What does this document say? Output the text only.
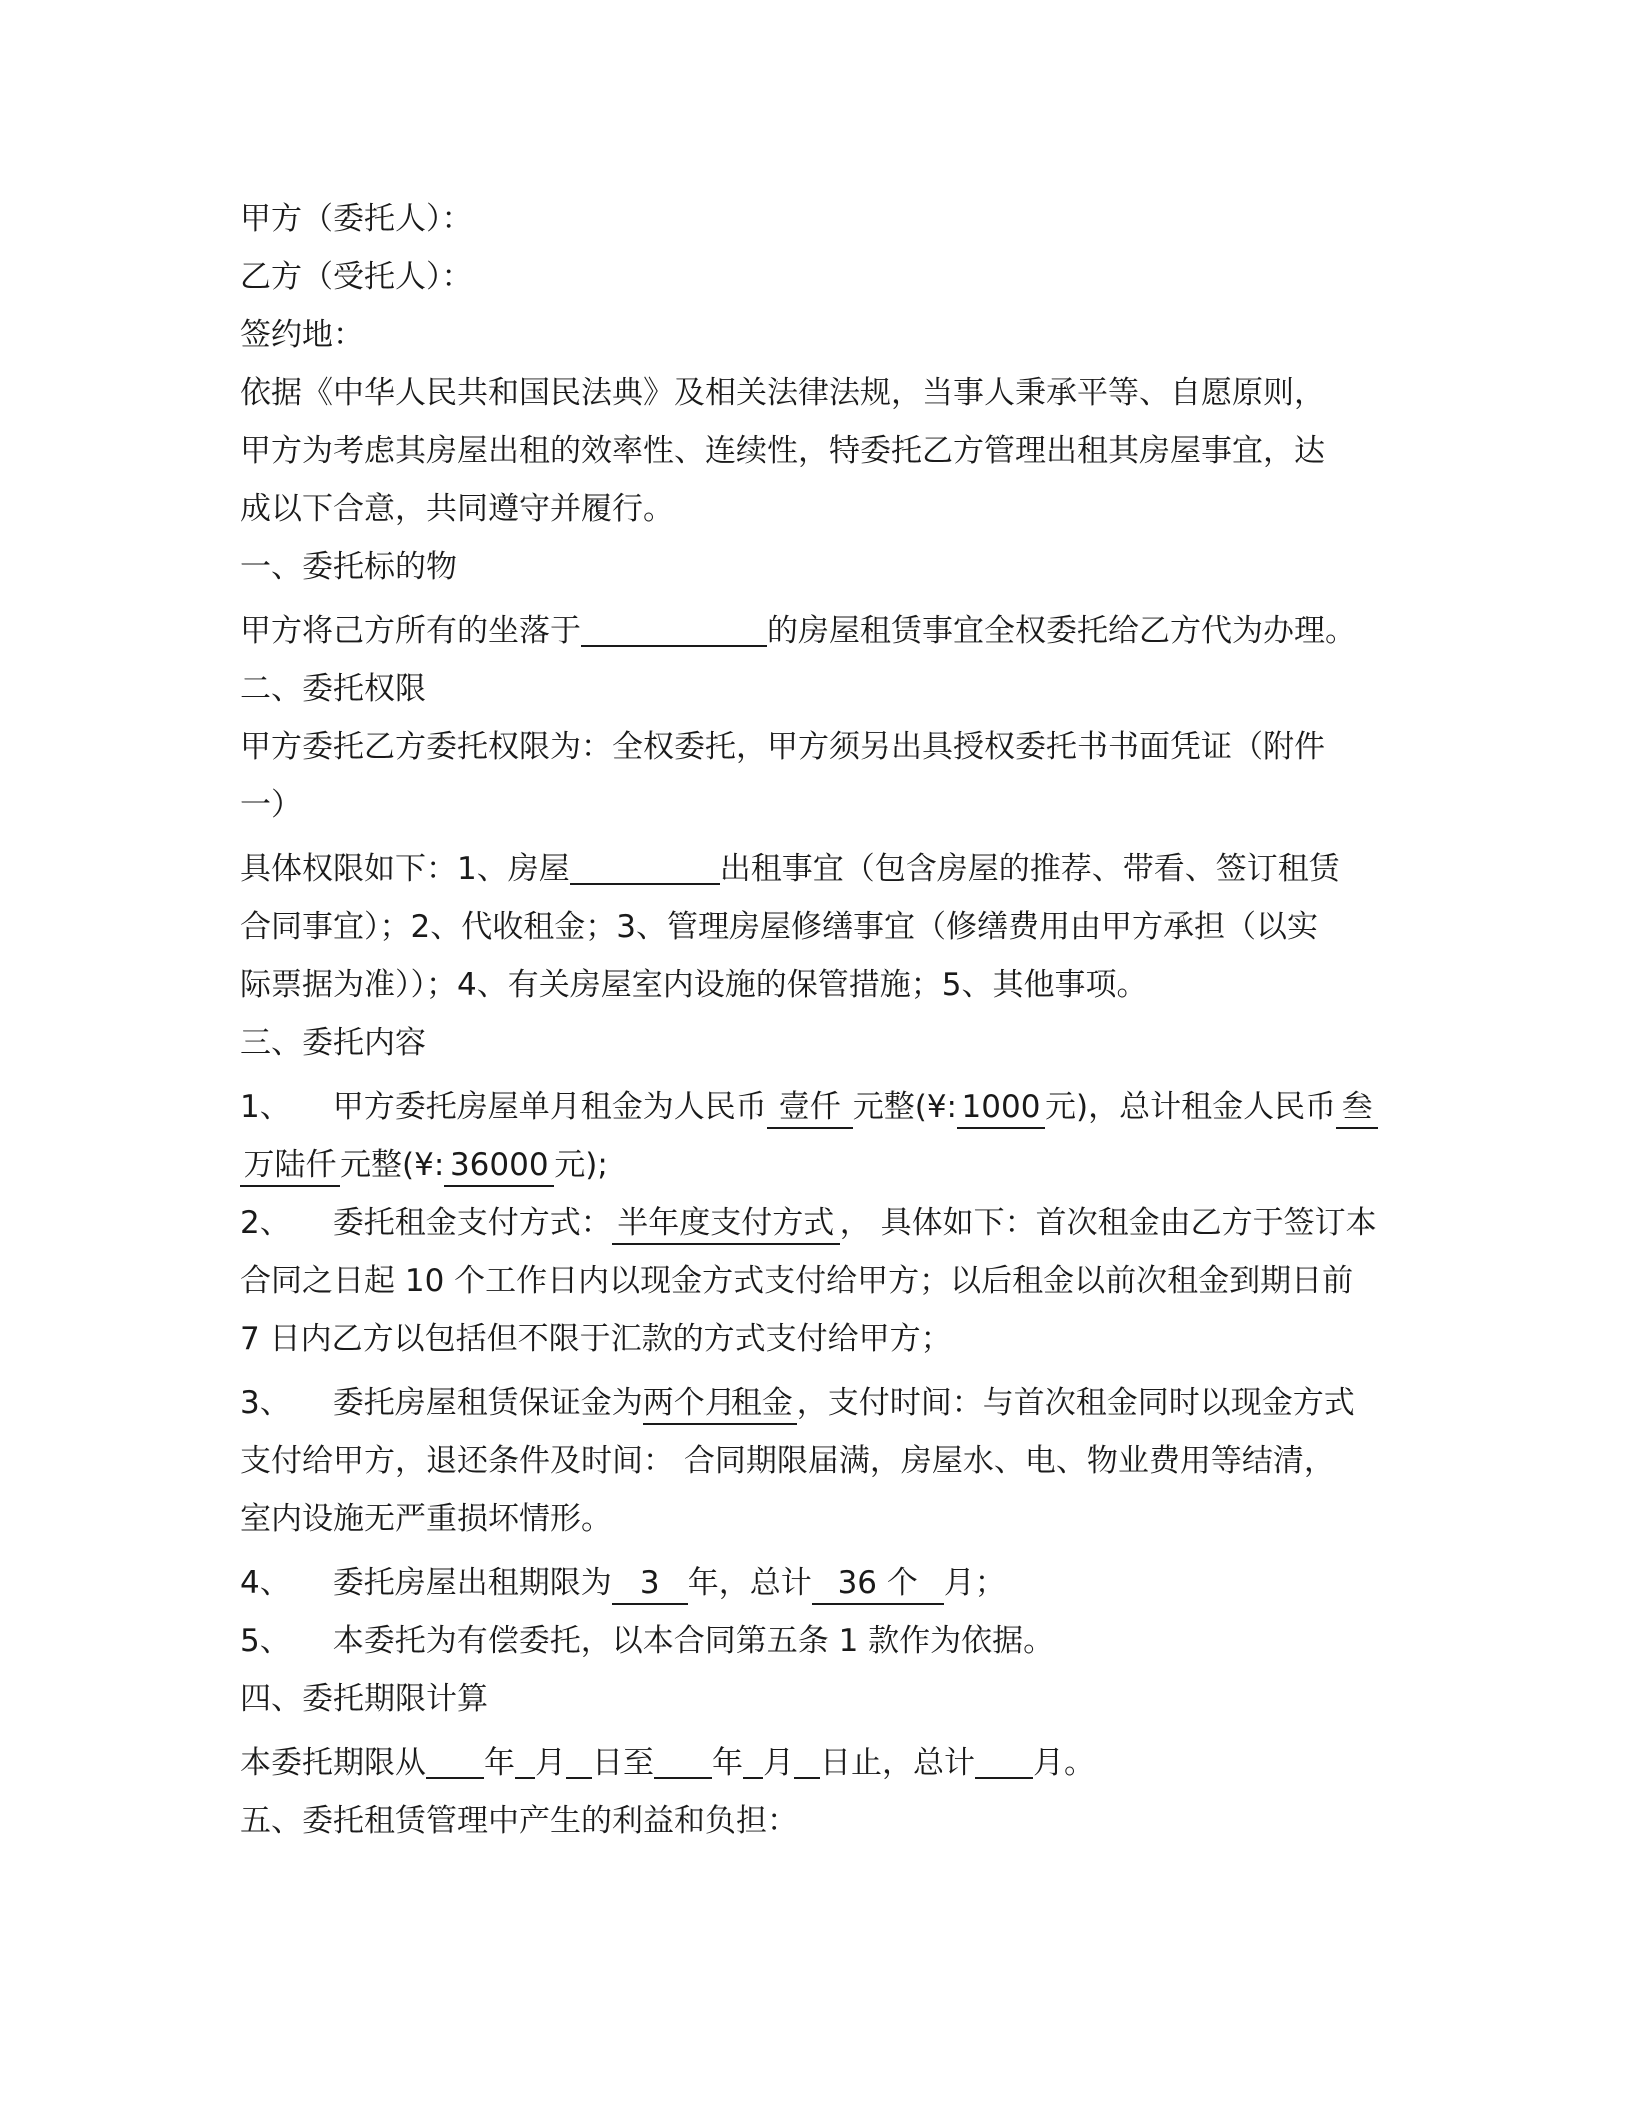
甲方（委托人）：
乙方（受托人）：
签约地：
依据《中华人民共和国民法典》及相关法律法规，当事人秉承平等、自愿原则，
甲方为考虑其房屋出租的效率性、连续性，特委托乙方管理出租其房屋事宜，达
成以下合意，共同遵守并履行。
一、委托标的物
甲方将己方所有的坐落于	的房屋租赁事宜全权委托给乙方代为办理。
二、委托权限
甲方委托乙方委托权限为：全权委托，甲方须另出具授权委托书书面凭证（附件
一）
具体权限如下：1、房屋	出租事宜（包含房屋的推荐、带看、签订租赁
合同事宜）；2、代收租金；3、管理房屋修缮事宜（修缮费用由甲方承担（以实
际票据为准））；4、有关房屋室内设施的保管措施；5、其他事项。
三、委托内容
1、 甲方委托房屋单月租金为人民币 壹仟 元整(¥: 1000 元)，总计租金人民币 叁
万陆仟 元整(¥: 36000 元);
2、 委托租金支付方式： 半年度支付方式 ， 具体如下：首次租金由乙方于签订本
合同之日起 10 个工作日内以现金方式支付给甲方；以后租金以前次租金到期日前
7 日内乙方以包括但不限于汇款的方式支付给甲方；
3、 委托房屋租赁保证金为两个月租金 ，支付时间：与首次租金同时以现金方式
支付给甲方，退还条件及时间： 合同期限届满，房屋水、电、物业费用等结清，
室内设施无严重损坏情形。
4、 委托房屋出租期限为 3 年，总计 36 个 月；
5、 本委托为有偿委托，以本合同第五条 1 款作为依据。
四、委托期限计算
本委托期限从 年 月 日至 年 月 日止，总计 月。
五、委托租赁管理中产生的利益和负担：
